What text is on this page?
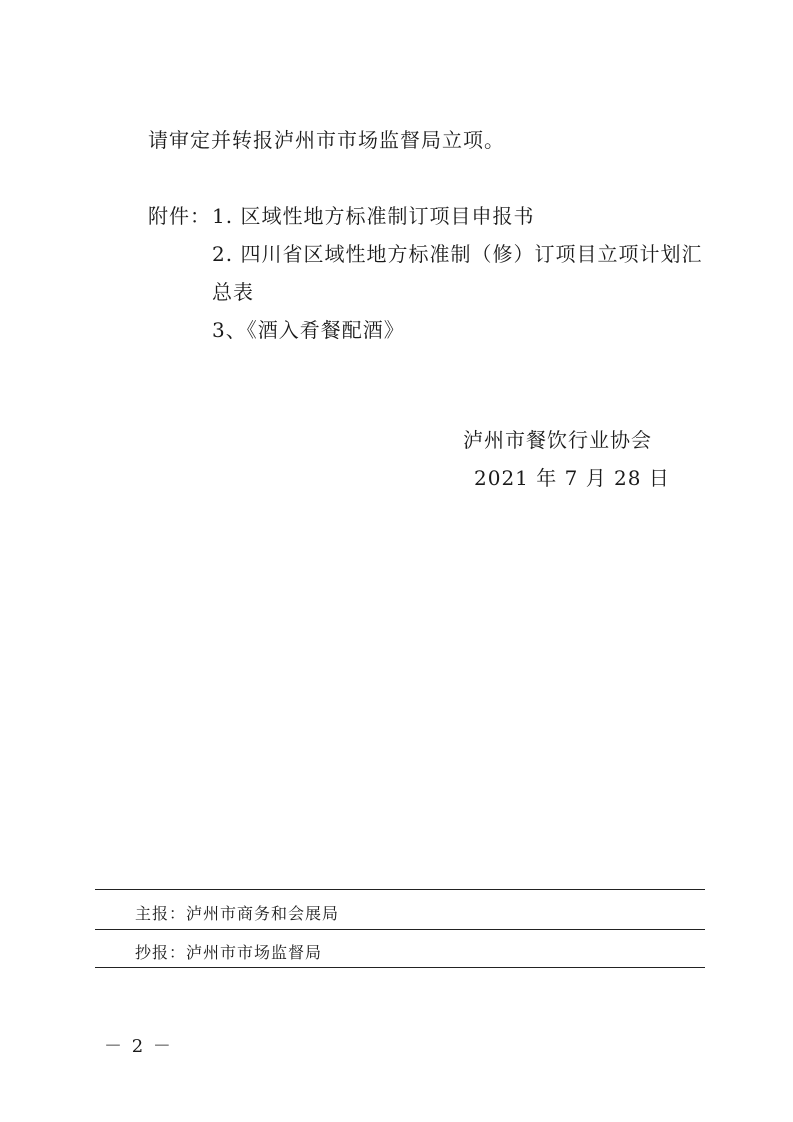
请审定并转报泸州市市场监督局立项。
附件： 1. 区域性地方标准制订项目申报书
2. 四川省区域性地方标准制（修）订项目立项计划汇
总表
3、《酒入肴餐配酒》
泸州市餐饮行业协会
2021 年 7 月 28 日
主报：泸州市商务和会展局
抄报：泸州市市场监督局
－ 2 －
